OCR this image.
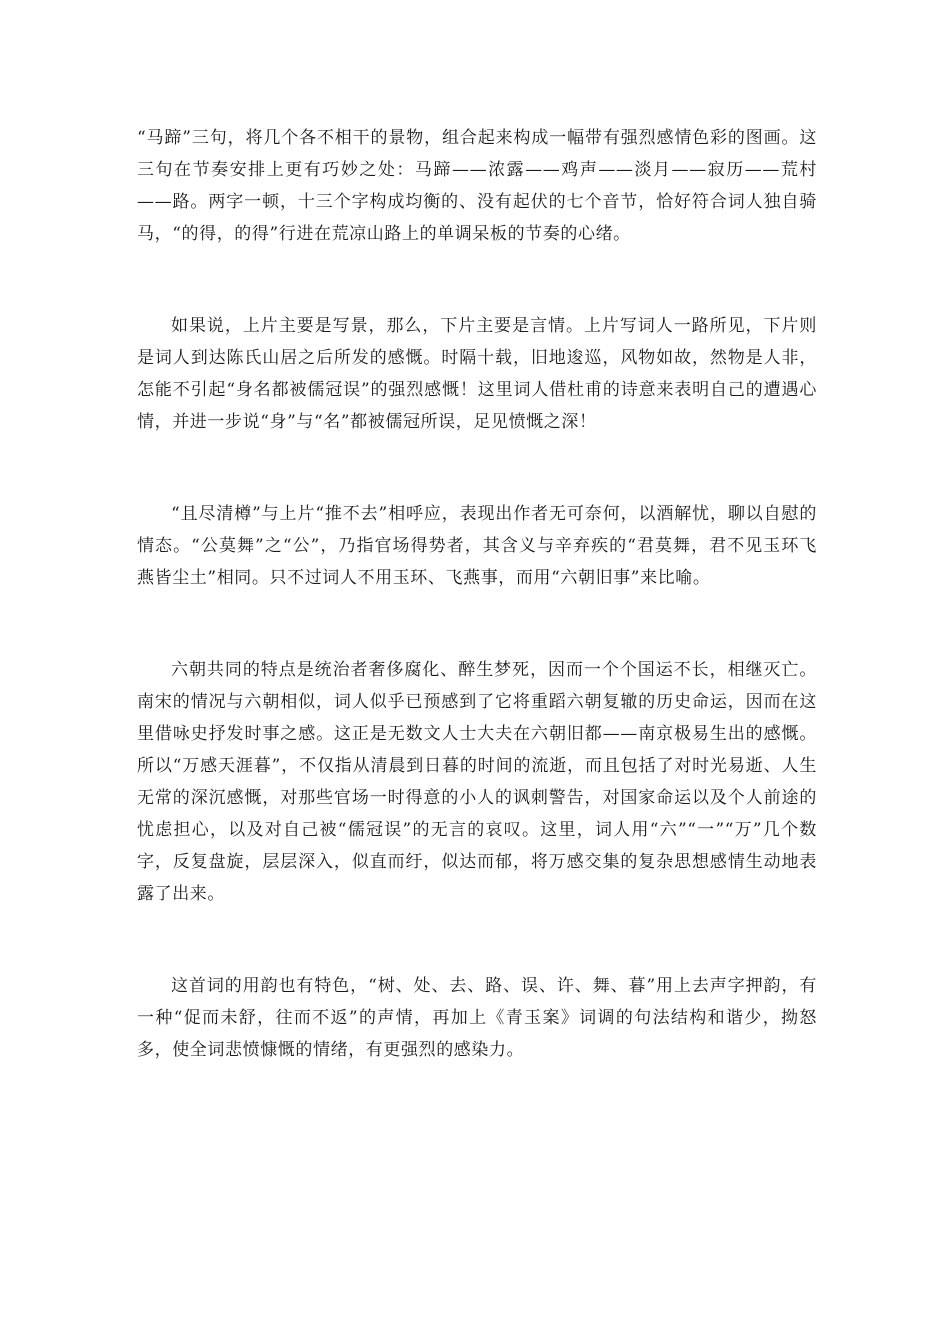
“马蹄”三句，将几个各不相干的景物，组合起来构成一幅带有强烈感情色彩的图画。这三句在节奏安排上更有巧妙之处：马蹄——浓露——鸡声——淡月——寂历——荒村——路。两字一顿，十三个字构成均衡的、没有起伏的七个音节，恰好符合词人独自骑马，“的得，的得”行进在荒凉山路上的单调呆板的节奏的心绪。

如果说，上片主要是写景，那么，下片主要是言情。上片写词人一路所见，下片则是词人到达陈氏山居之后所发的感慨。时隔十载，旧地逡巡，风物如故，然物是人非，怎能不引起“身名都被儒冠误”的强烈感慨！这里词人借杜甫的诗意来表明自己的遭遇心情，并进一步说“身”与“名”都被儒冠所误，足见愤慨之深！

“且尽清樽”与上片“推不去”相呼应，表现出作者无可奈何，以酒解忧，聊以自慰的情态。“公莫舞”之“公”，乃指官场得势者，其含义与辛弃疾的“君莫舞，君不见玉环飞燕皆尘土”相同。只不过词人不用玉环、飞燕事，而用“六朝旧事”来比喻。

六朝共同的特点是统治者奢侈腐化、醉生梦死，因而一个个国运不长，相继灭亡。南宋的情况与六朝相似，词人似乎已预感到了它将重蹈六朝复辙的历史命运，因而在这里借咏史抒发时事之感。这正是无数文人士大夫在六朝旧都——南京极易生出的感慨。所以“万感天涯暮”，不仅指从清晨到日暮的时间的流逝，而且包括了对时光易逝、人生无常的深沉感慨，对那些官场一时得意的小人的讽刺警告，对国家命运以及个人前途的忧虑担心，以及对自己被“儒冠误”的无言的哀叹。这里，词人用“六”“一”“万”几个数字，反复盘旋，层层深入，似直而纡，似达而郁，将万感交集的复杂思想感情生动地表露了出来。

这首词的用韵也有特色，“树、处、去、路、误、许、舞、暮”用上去声字押韵，有一种“促而未舒，往而不返”的声情，再加上《青玉案》词调的句法结构和谐少，拗怒多，使全词悲愤慷慨的情绪，有更强烈的感染力。
